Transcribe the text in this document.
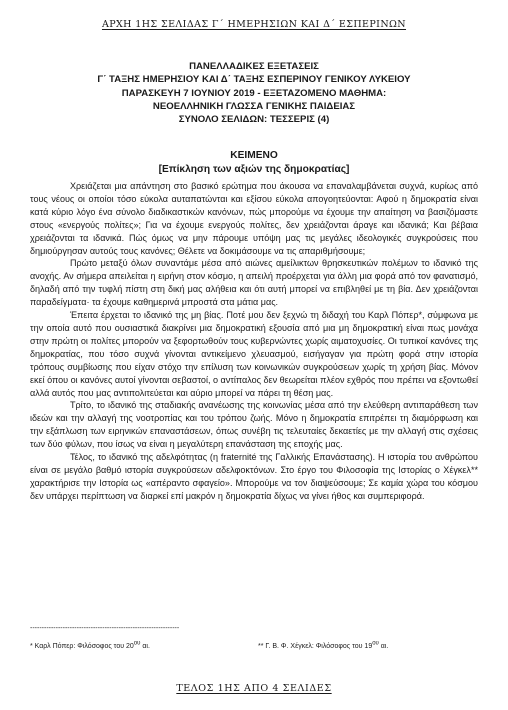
ΑΡΧΗ 1ΗΣ ΣΕΛΙΔΑΣ Γ΄ ΗΜΕΡΗΣΙΩΝ ΚΑΙ Δ΄ ΕΣΠΕΡΙΝΩΝ
ΠΑΝΕΛΛΑΔΙΚΕΣ ΕΞΕΤΑΣΕΙΣ
Γ΄ ΤΑΞΗΣ ΗΜΕΡΗΣΙΟΥ ΚΑΙ Δ΄ ΤΑΞΗΣ ΕΣΠΕΡΙΝΟΥ ΓΕΝΙΚΟΥ ΛΥΚΕΙΟΥ
ΠΑΡΑΣΚΕΥΗ 7 ΙΟΥΝΙΟΥ 2019 - ΕΞΕΤΑΖΟΜΕΝΟ ΜΑΘΗΜΑ:
ΝΕΟΕΛΛΗΝΙΚΗ ΓΛΩΣΣΑ ΓΕΝΙΚΗΣ ΠΑΙΔΕΙΑΣ
ΣΥΝΟΛΟ ΣΕΛΙΔΩΝ: ΤΕΣΣΕΡΙΣ (4)
ΚΕΙΜΕΝΟ
[Επίκληση των αξιών της δημοκρατίας]

Χρειάζεται μια απάντηση στο βασικό ερώτημα που άκουσα να επαναλαμβάνεται συχνά, κυρίως από τους νέους οι οποίοι τόσο εύκολα αυταπατώνται και εξίσου εύκολα απογοητεύονται: Αφού η δημοκρατία είναι κατά κύριο λόγο ένα σύνολο διαδικαστικών κανόνων, πώς μπορούμε να έχουμε την απαίτηση να βασιζόμαστε στους «ενεργούς πολίτες»; Για να έχουμε ενεργούς πολίτες, δεν χρειάζονται άραγε και ιδανικά; Και βέβαια χρειάζονται τα ιδανικά. Πώς όμως να μην πάρουμε υπόψη μας τις μεγάλες ιδεολογικές συγκρούσεις που δημιούργησαν αυτούς τους κανόνες; Θέλετε να δοκιμάσουμε να τις απαριθμήσουμε;

Πρώτο μεταξύ όλων συναντάμε μέσα από αιώνες αμείλικτων θρησκευτικών πολέμων το ιδανικό της ανοχής. Αν σήμερα απειλείται η ειρήνη στον κόσμο, η απειλή προέρχεται για άλλη μια φορά από τον φανατισμό, δηλαδή από την τυφλή πίστη στη δική μας αλήθεια και ότι αυτή μπορεί να επιβληθεί με τη βία. Δεν χρειάζονται παραδείγματα· τα έχουμε καθημερινά μπροστά στα μάτια μας.

Έπειτα έρχεται το ιδανικό της μη βίας. Ποτέ μου δεν ξεχνώ τη διδαχή του Καρλ Πόπερ*, σύμφωνα με την οποία αυτό που ουσιαστικά διακρίνει μια δημοκρατική εξουσία από μια μη δημοκρατική είναι πως μονάχα στην πρώτη οι πολίτες μπορούν να ξεφορτωθούν τους κυβερνώντες χωρίς αιματοχυσίες. Οι τυπικοί κανόνες της δημοκρατίας, που τόσο συχνά γίνονται αντικείμενο χλευασμού, εισήγαγαν για πρώτη φορά στην ιστορία τρόπους συμβίωσης που είχαν στόχο την επίλυση των κοινωνικών συγκρούσεων χωρίς τη χρήση βίας. Μόνον εκεί όπου οι κανόνες αυτοί γίνονται σεβαστοί, ο αντίπαλος δεν θεωρείται πλέον εχθρός που πρέπει να εξοντωθεί αλλά αυτός που μας αντιπολιτεύεται και αύριο μπορεί να πάρει τη θέση μας.

Τρίτο, το ιδανικό της σταδιακής ανανέωσης της κοινωνίας μέσα από την ελεύθερη αντιπαράθεση των ιδεών και την αλλαγή της νοοτροπίας και του τρόπου ζωής. Μόνο η δημοκρατία επιτρέπει τη διαμόρφωση και την εξάπλωση των ειρηνικών επαναστάσεων, όπως συνέβη τις τελευταίες δεκαετίες με την αλλαγή στις σχέσεις των δύο φύλων, που ίσως να είναι η μεγαλύτερη επανάσταση της εποχής μας.

Τέλος, το ιδανικό της αδελφότητας (η fraternité της Γαλλικής Επανάστασης). Η ιστορία του ανθρώπου είναι σε μεγάλο βαθμό ιστορία συγκρούσεων αδελφοκτόνων. Στο έργο του Φιλοσοφία της Ιστορίας ο Χέγκελ** χαρακτήρισε την Ιστορία ως «απέραντο σφαγείο». Μπορούμε να τον διαψεύσουμε; Σε καμία χώρα του κόσμου δεν υπάρχει περίπτωση να διαρκεί επί μακρόν η δημοκρατία δίχως να γίνει ήθος και συμπεριφορά.

----------------------------------------------------------------
* Καρλ Πόπερ: Φιλόσοφος του $20^{o\upsilon}$ αι.	** Γ. Β. Φ. Χέγκελ: Φιλόσοφος του $19^{o\upsilon}$ αι.
ΤΕΛΟΣ 1ΗΣ ΑΠΟ 4 ΣΕΛΙΔΕΣ
